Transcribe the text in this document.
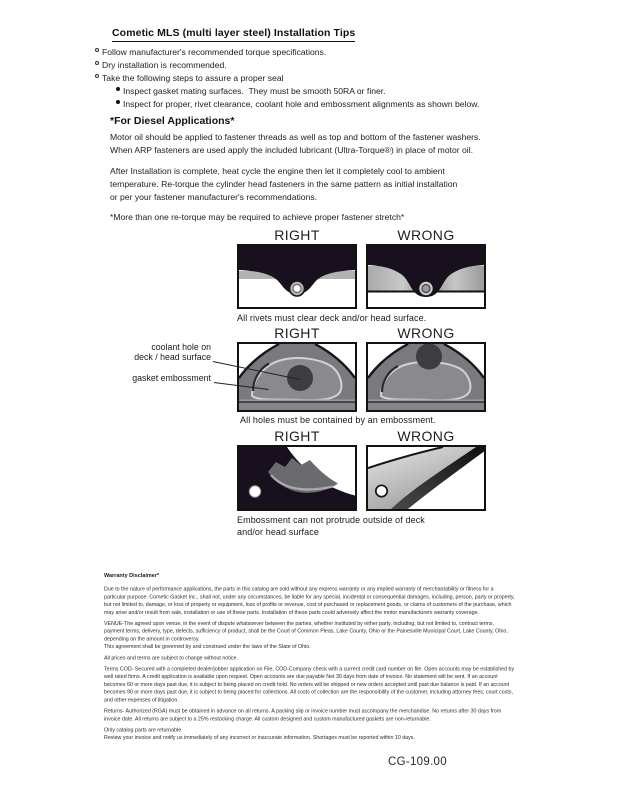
Cometic MLS (multi layer steel) Installation Tips
Follow manufacturer's recommended torque specifications.
Dry installation is recommended.
Take the following steps to assure a proper seal
Inspect gasket mating surfaces.  They must be smooth 50RA or finer.
Inspect for proper, rivet clearance, coolant hole and embossment alignments as shown below.
*For Diesel Applications*
Motor oil should be applied to fastener threads as well as top and bottom of the fastener washers.
When ARP fasteners are used apply the included lubricant (Ultra-Torque®) in place of motor oil.
After Installation is complete, heat cycle the engine then let it completely cool to ambient
temperature. Re-torque the cylinder head fasteners in the same pattern as initial installation
or per your fastener manufacturer's recommendations.
*More than one re-torque may be required to achieve proper fastener stretch*
RIGHT	WRONG
All rivets must clear deck and/or head surface.
RIGHT	WRONG
coolant hole on
deck / head surface
gasket embossment
All holes must be contained by an embossment.
RIGHT	WRONG
Embossment can not protrude outside of deck
and/or head surface
Warranty Disclaimer*
Due to the nature of performance applications, the parts in this catalog are sold without any express warranty or any implied warranty of merchantability or fitness for a particular purpose. Cometic Gasket Inc., shall not, under any circumstances, be liable for any special, incidental or consequential damages, including, person, party or property, but not limited to, damage, or loss of property or equipment, loss of profits or revenue, cost of purchased or replacement goods, or claims of customers of the purchase, which may arise and/or result from sale, installation or use of these parts. Installation of these parts could adversely affect the motor manufacturers warranty coverage.
VENUE-The agreed upon venue, in the event of dispute whatsoever between the parties, whether instituted by either party, including, but not limited to, contract terms, payment terms, delivery, type, defects, sufficiency of product, shall be the Court of Common Pleas, Lake County, Ohio or the Painesville Municipal Court, Lake County, Ohio, depending on the amount in controversy.
This agreement shall be governed by and construed under the laws of the State of Ohio.
All prices and terms are subject to change without notice.
Terms COD- Secured with a completed dealer/jobber application on File, COD-Company check with a current credit card number on file. Open accounts may be established by well rated firms. A credit application is available upon request. Open accounts are due payable Net 30 days from date of invoice. No statement will be sent. If an account becomes 60 or more days past due, it is subject to being placed on credit hold. No orders will be shipped or new orders accepted until past due balance is paid. If an account becomes 90 or more days past due, it is subject to being placed for collections. All costs of collection are the responsibility of the customer, including attorney fees, court costs, and other expenses of litigation.
Returns- Authorized (RGA) must be obtained in advance on all returns. A packing slip or invoice number must accompany the merchandise. No returns after 30 days from invoice date. All returns are subject to a 25% restocking charge. All custom designed and custom manufactured gaskets are non-returnable.
Only catalog parts are returnable.
Review your invoice and notify us immediately of any incorrect or inaccurate information. Shortages must be reported within 10 days.
CG-109.00
